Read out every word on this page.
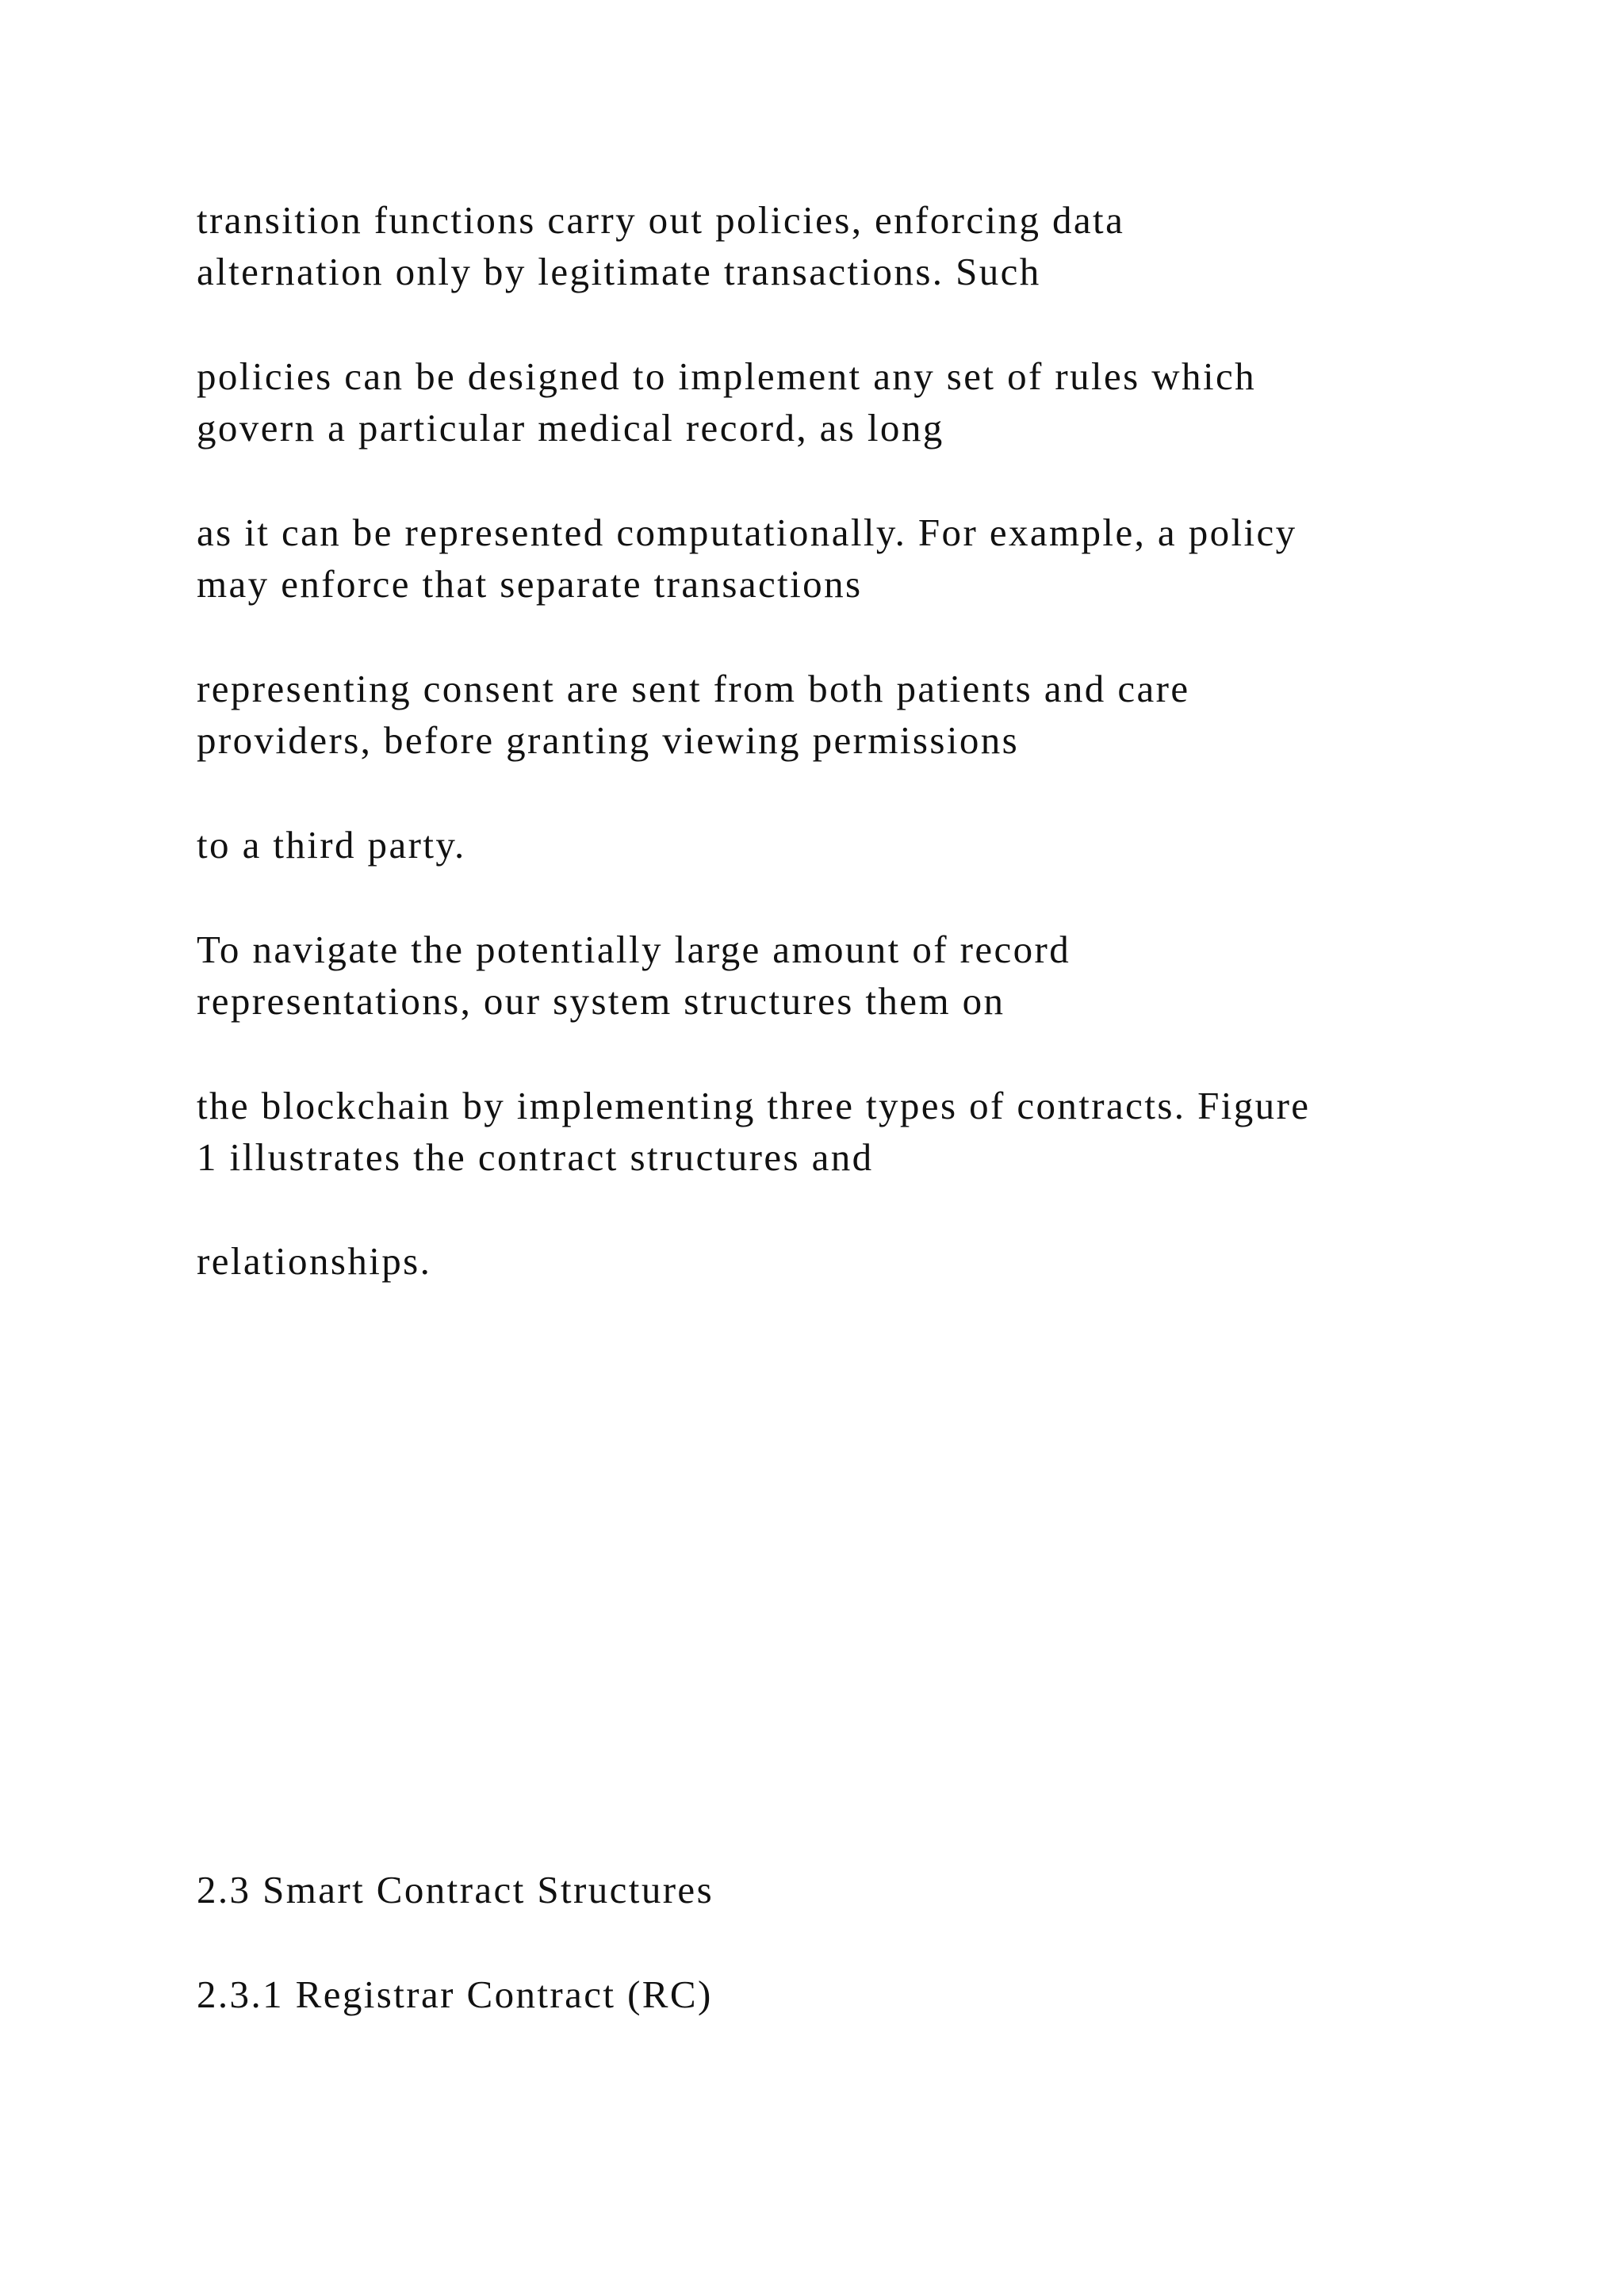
transition functions carry out policies, enforcing data
alternation only by legitimate transactions. Such

policies can be designed to implement any set of rules which
govern a particular medical record, as long

as it can be represented computationally. For example, a policy
may enforce that separate transactions

representing consent are sent from both patients and care
providers, before granting viewing permissions

to a third party.

To navigate the potentially large amount of record
representations, our system structures them on

the blockchain by implementing three types of contracts. Figure
1 illustrates the contract structures and

relationships.

2.3 Smart Contract Structures

2.3.1 Registrar Contract (RC)
